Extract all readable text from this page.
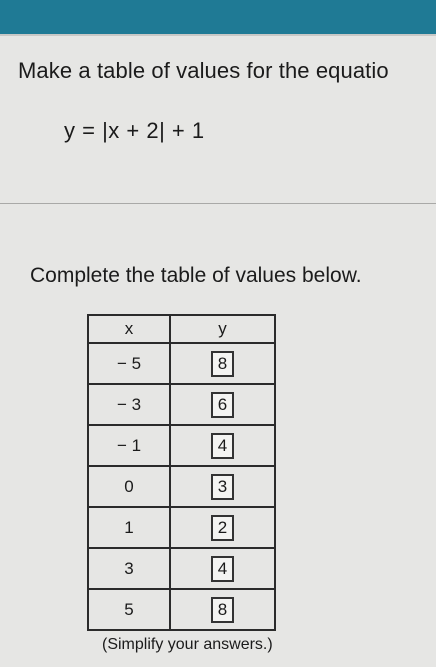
Make a table of values for the equatio
y = |x + 2| + 1
Complete the table of values below.
x	y
− 5	8
− 3	6
− 1	4
0	3
1	2
3	4
5	8
(Simplify your answers.)
